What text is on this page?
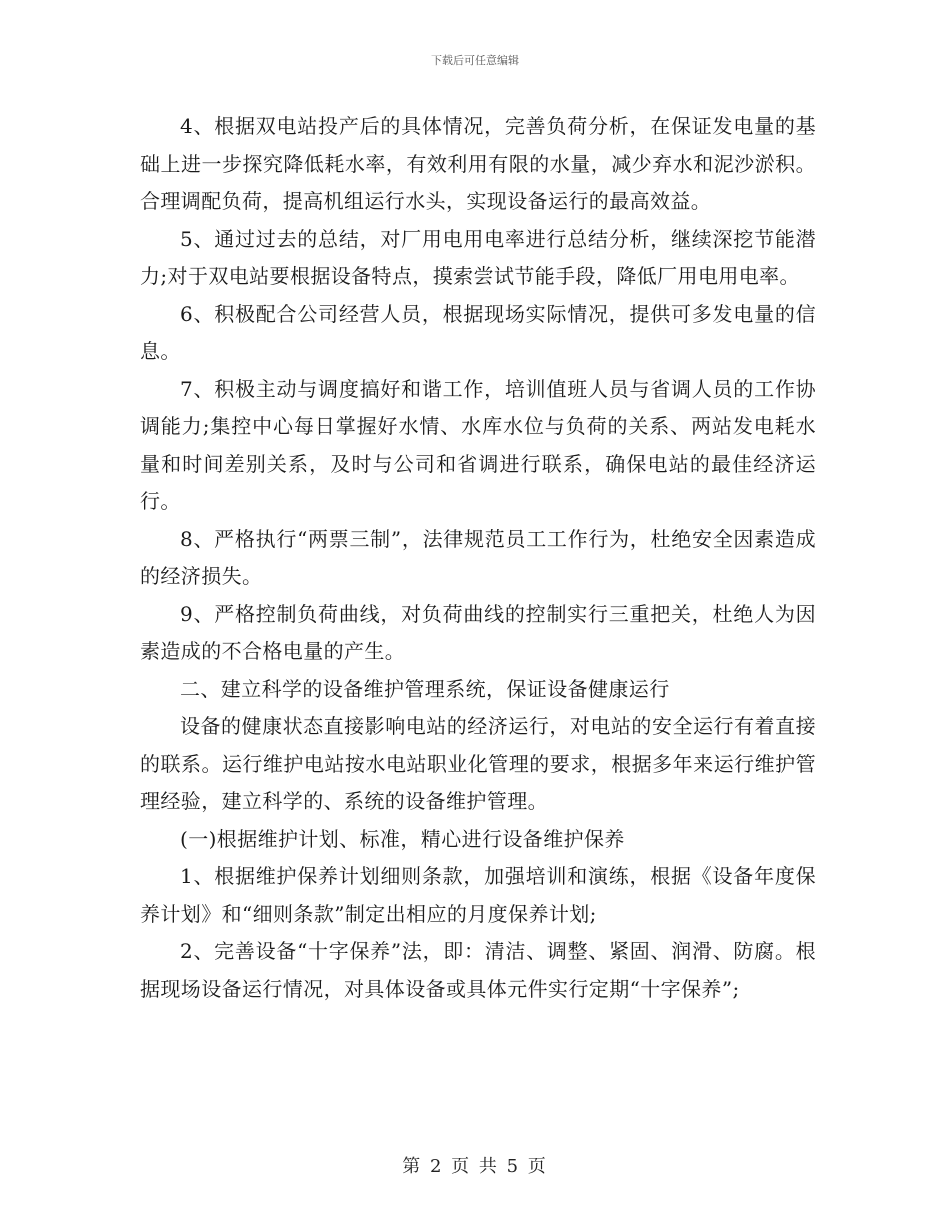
下载后可任意编辑

4、根据双电站投产后的具体情况，完善负荷分析，在保证发电量的基础上进一步探究降低耗水率，有效利用有限的水量，减少弃水和泥沙淤积。合理调配负荷，提高机组运行水头，实现设备运行的最高效益。

5、通过过去的总结，对厂用电用电率进行总结分析，继续深挖节能潜力;对于双电站要根据设备特点，摸索尝试节能手段，降低厂用电用电率。

6、积极配合公司经营人员，根据现场实际情况，提供可多发电量的信息。

7、积极主动与调度搞好和谐工作，培训值班人员与省调人员的工作协调能力;集控中心每日掌握好水情、水库水位与负荷的关系、两站发电耗水量和时间差别关系，及时与公司和省调进行联系，确保电站的最佳经济运行。

8、严格执行“两票三制”，法律规范员工工作行为，杜绝安全因素造成的经济损失。

9、严格控制负荷曲线，对负荷曲线的控制实行三重把关，杜绝人为因素造成的不合格电量的产生。

二、建立科学的设备维护管理系统，保证设备健康运行

设备的健康状态直接影响电站的经济运行，对电站的安全运行有着直接的联系。运行维护电站按水电站职业化管理的要求，根据多年来运行维护管理经验，建立科学的、系统的设备维护管理。

(一)根据维护计划、标准，精心进行设备维护保养

1、根据维护保养计划细则条款，加强培训和演练，根据《设备年度保养计划》和“细则条款”制定出相应的月度保养计划;

2、完善设备“十字保养”法，即：清洁、调整、紧固、润滑、防腐。根据现场设备运行情况，对具体设备或具体元件实行定期“十字保养”;

第 2 页 共 5 页
